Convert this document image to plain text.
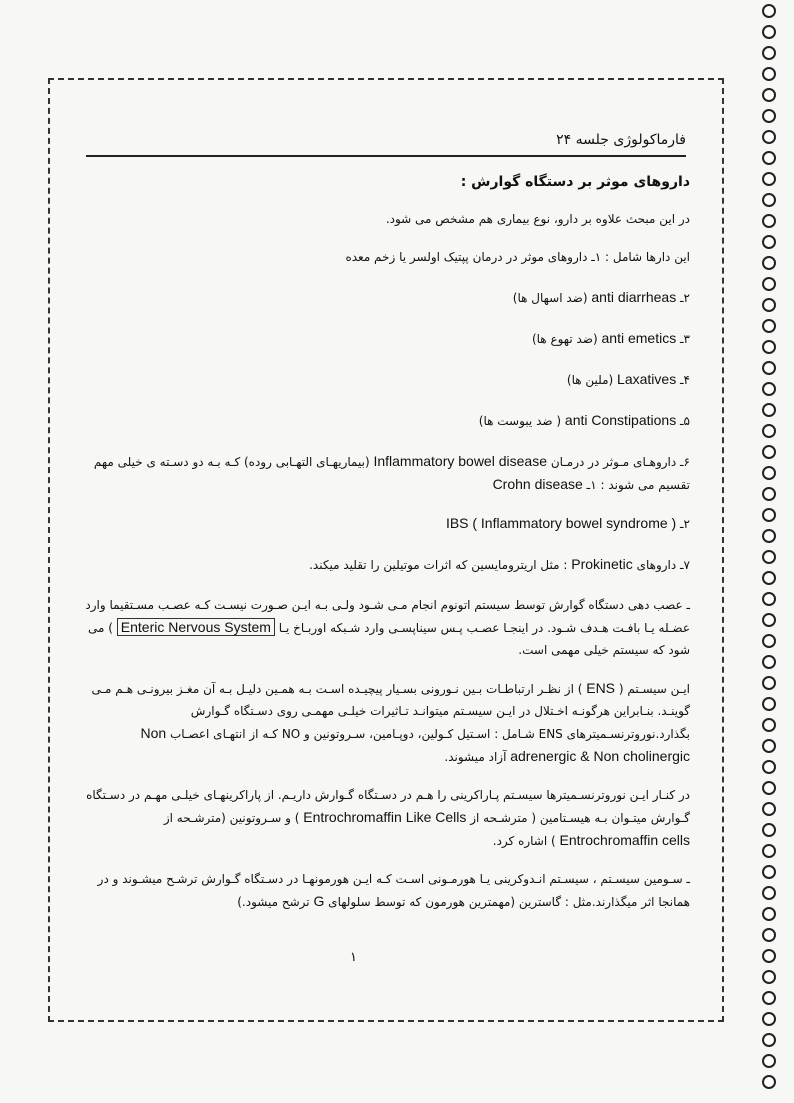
فارماکولوژی جلسه ۲۴
داروهای موثر بر دستگاه گوارش :
در این مبحث علاوه بر دارو، نوع بیماری هم مشخص می شود.
این دارها شامل : ۱ـ داروهای موثر در درمان پپتیک اولسر یا زخم معده
۲ـ anti diarrheas (ضد اسهال ها)
۳ـ anti emetics (ضد تهوع ها)
۴ـ Laxatives (ملین ها)
۵ـ anti Constipations ( ضد یبوست ها)
۶ـ داروهـای مـوثر در درمـان Inflammatory bowel disease (بیماریهـای التهـابی روده) کـه بـه دو دسـته ی خیلی مهم تقسیم می شوند : ۱ـ Crohn disease
۲ـ IBS ( Inflammatory bowel syndrome )
۷ـ داروهای Prokinetic : مثل اریترومایسین که اثرات موتیلین را تقلید میکند.
ـ عصب دهی دستگاه گوارش توسط سیستم اتونوم انجام مـی شـود ولـی بـه ایـن صـورت نیسـت کـه عصـب مسـتقیما وارد عضـله یـا بافـت هـدف شـود. در اینجـا عصـب پـس سیناپسـی وارد شـبکه اوربـاخ یـا Enteric Nervous System ) می شود که سیستم خیلی مهمی است.
ایـن سیسـتم ( ENS ) از نظـر ارتباطـات بـین نـورونی بسـیار پیچیـده اسـت بـه همـین دلیـل بـه آن مغـز بیرونـی هـم مـی گوینـد. بنـابراین هرگونـه اخـتلال در ایـن سیسـتم میتوانـد تـاثیرات خیلـی مهمـی روی دسـتگاه گـوارش بگذارد.نوروترنسـمیترهای ENS شـامل : اسـتیل کـولین، دوپـامین، سـروتونین و NO کـه از انتهـای اعصـاب Non adrenergic & Non cholinergic آزاد میشوند.
در کنـار ایـن نوروترنسـمیترها سیسـتم پـاراکرینی را هـم در دسـتگاه گـوارش داریـم. از پاراکرینهـای خیلـی مهـم در دسـتگاه گـوارش میتـوان بـه هیسـتامین ( مترشـحه از Entrochromaffin Like Cells ) و سـروتونین (مترشـحه از Entrochromaffin cells ) اشاره کرد.
ـ سـومین سیسـتم ، سیسـتم انـدوکرینی یـا هورمـونی اسـت کـه ایـن هورمونهـا در دسـتگاه گـوارش ترشـح میشـوند و در همانجا اثر میگذارند.مثل : گاسترین (مهمترین هورمون که توسط سلولهای G ترشح میشود.)
۱
